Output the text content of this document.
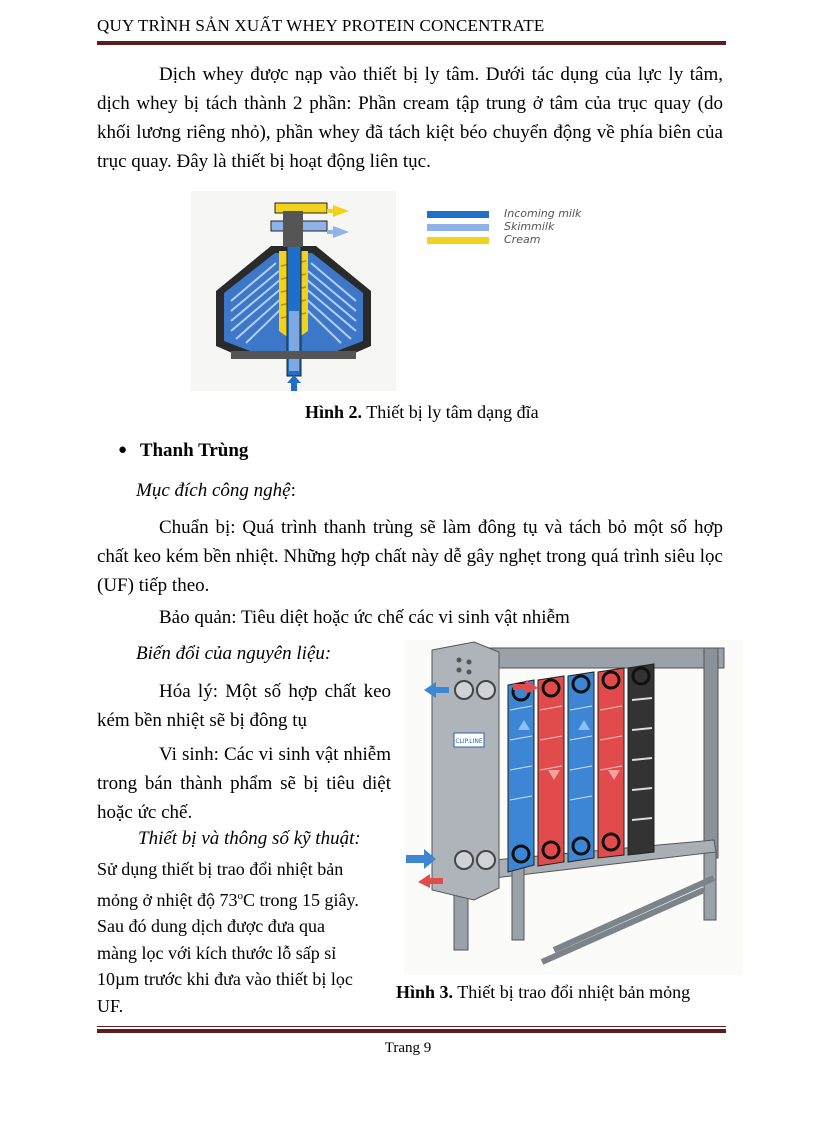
QUY TRÌNH SẢN XUẤT WHEY PROTEIN CONCENTRATE
Dịch whey được nạp vào thiết bị ly tâm. Dưới tác dụng của lực ly tâm, dịch whey bị tách thành 2 phần: Phần cream tập trung ở tâm của trục quay (do khối lương riêng nhỏ), phần whey đã tách kiệt béo chuyển động về phía biên của trục quay. Đây là thiết bị hoạt động liên tục.
Incoming milk
Skimmilk
Cream
Hình 2. Thiết bị ly tâm dạng đĩa
● Thanh Trùng
Mục đích công nghệ:
Chuẩn bị: Quá trình thanh trùng sẽ làm đông tụ và tách bỏ một số hợp chất keo kém bền nhiệt. Những hợp chất này dễ gây nghẹt trong quá trình siêu lọc (UF) tiếp theo.
Bảo quản: Tiêu diệt hoặc ức chế các vi sinh vật nhiễm
Biến đổi của nguyên liệu:
Hóa lý: Một số hợp chất keo kém bền nhiệt sẽ bị đông tụ
Vi sinh: Các vi sinh vật nhiễm trong bán thành phẩm sẽ bị tiêu diệt hoặc ức chế.
Thiết bị và thông số kỹ thuật:
Sử dụng thiết bị trao đổi nhiệt bản
mỏng ở nhiệt độ 73$^o$C trong 15 giây.
Sau đó dung dịch được đưa qua
màng lọc với kích thước lỗ sấp sỉ
10µm trước khi đưa vào thiết bị lọc
UF.
CLIP.LINE
Hình 3. Thiết bị trao đổi nhiệt bản mỏng
Trang 9
